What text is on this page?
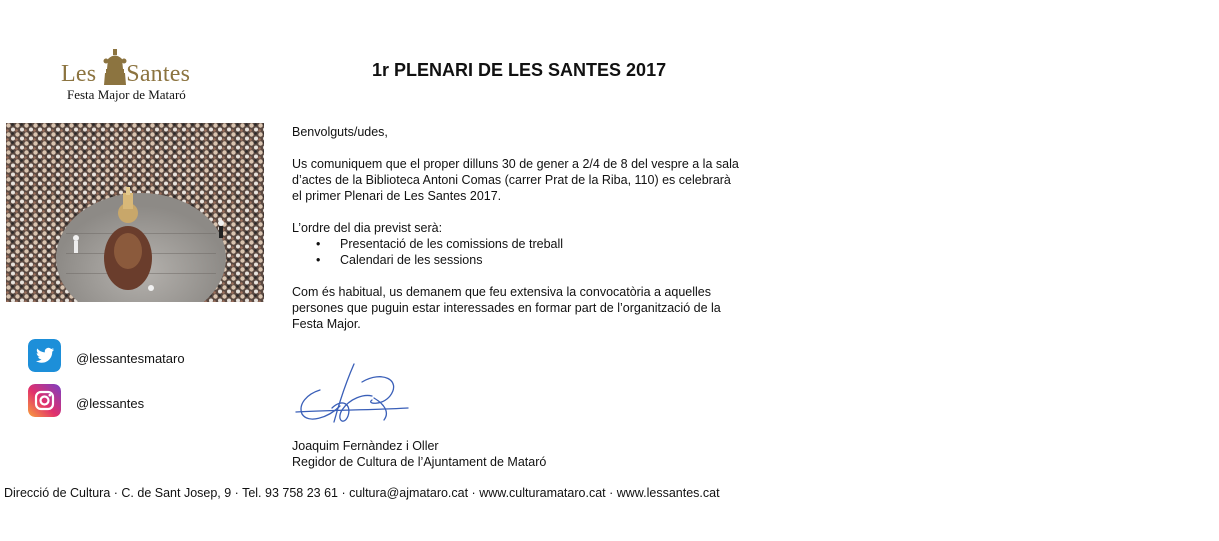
Les Santes
Festa Major de Mataró
1r PLENARI DE LES SANTES 2017
@lessantesmataro
@lessantes

Benvolguts/udes,

Us comuniquem que el proper dilluns 30 de gener a 2/4 de 8 del vespre a la sala

d’actes de la Biblioteca Antoni Comas (carrer Prat de la Riba, 110) es celebrarà

el primer Plenari de Les Santes 2017.

L’ordre del dia previst serà:

• Presentació de les comissions de treball
• Calendari de les sessions

Com és habitual, us demanem que feu extensiva la convocatòria a aquelles

persones que puguin estar interessades en formar part de l’organització de la

Festa Major.

Joaquim Fernàndez i Oller
Regidor de Cultura de l’Ajuntament de Mataró
Direcció de Cultura · C. de Sant Josep, 9 · Tel. 93 758 23 61 · cultura@ajmataro.cat · www.culturamataro.cat · www.lessantes.cat
